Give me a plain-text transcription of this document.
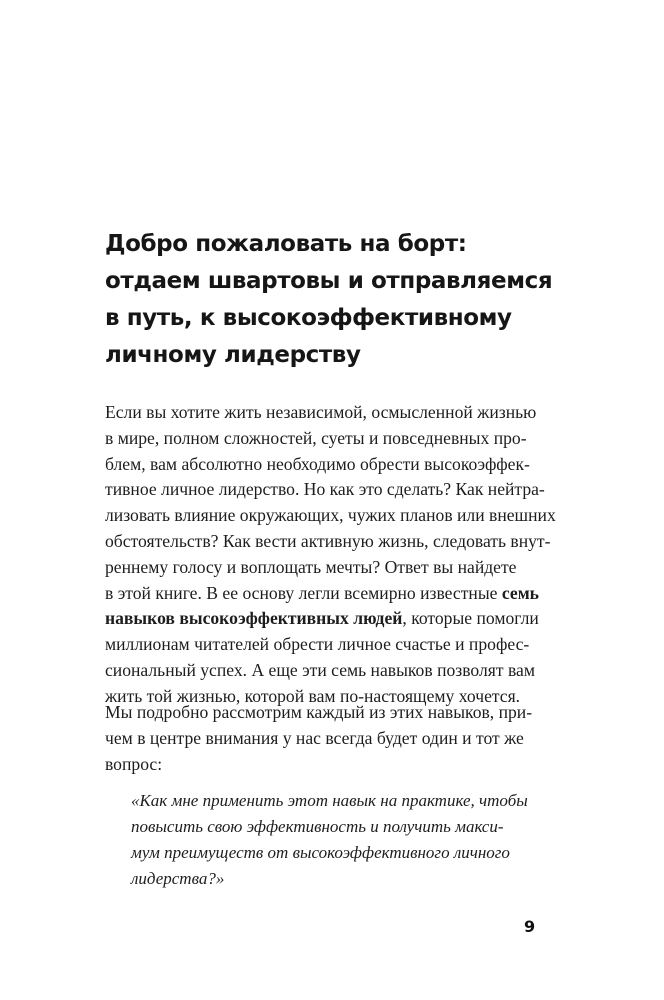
Добро пожаловать на борт:
отдаем швартовы и отправляемся
в путь, к высокоэффективному
личному лидерству

Если вы хотите жить независимой, осмысленной жизнью
в мире, полном сложностей, суеты и повседневных про-
блем, вам абсолютно необходимо обрести высокоэффек-
тивное личное лидерство. Но как это сделать? Как нейтра-
лизовать влияние окружающих, чужих планов или внешних
обстоятельств? Как вести активную жизнь, следовать внут-
реннему голосу и воплощать мечты? Ответ вы найдете
в этой книге. В ее основу легли всемирно известные семь
навыков высокоэффективных людей, которые помогли
миллионам читателей обрести личное счастье и профес-
сиональный успех. А еще эти семь навыков позволят вам
жить той жизнью, которой вам по-настоящему хочется.

Мы подробно рассмотрим каждый из этих навыков, при-
чем в центре внимания у нас всегда будет один и тот же
вопрос:

«Как мне применить этот навык на практике, чтобы
повысить свою эффективность и получить макси-
мум преимуществ от высокоэффективного личного
лидерства?»
9
